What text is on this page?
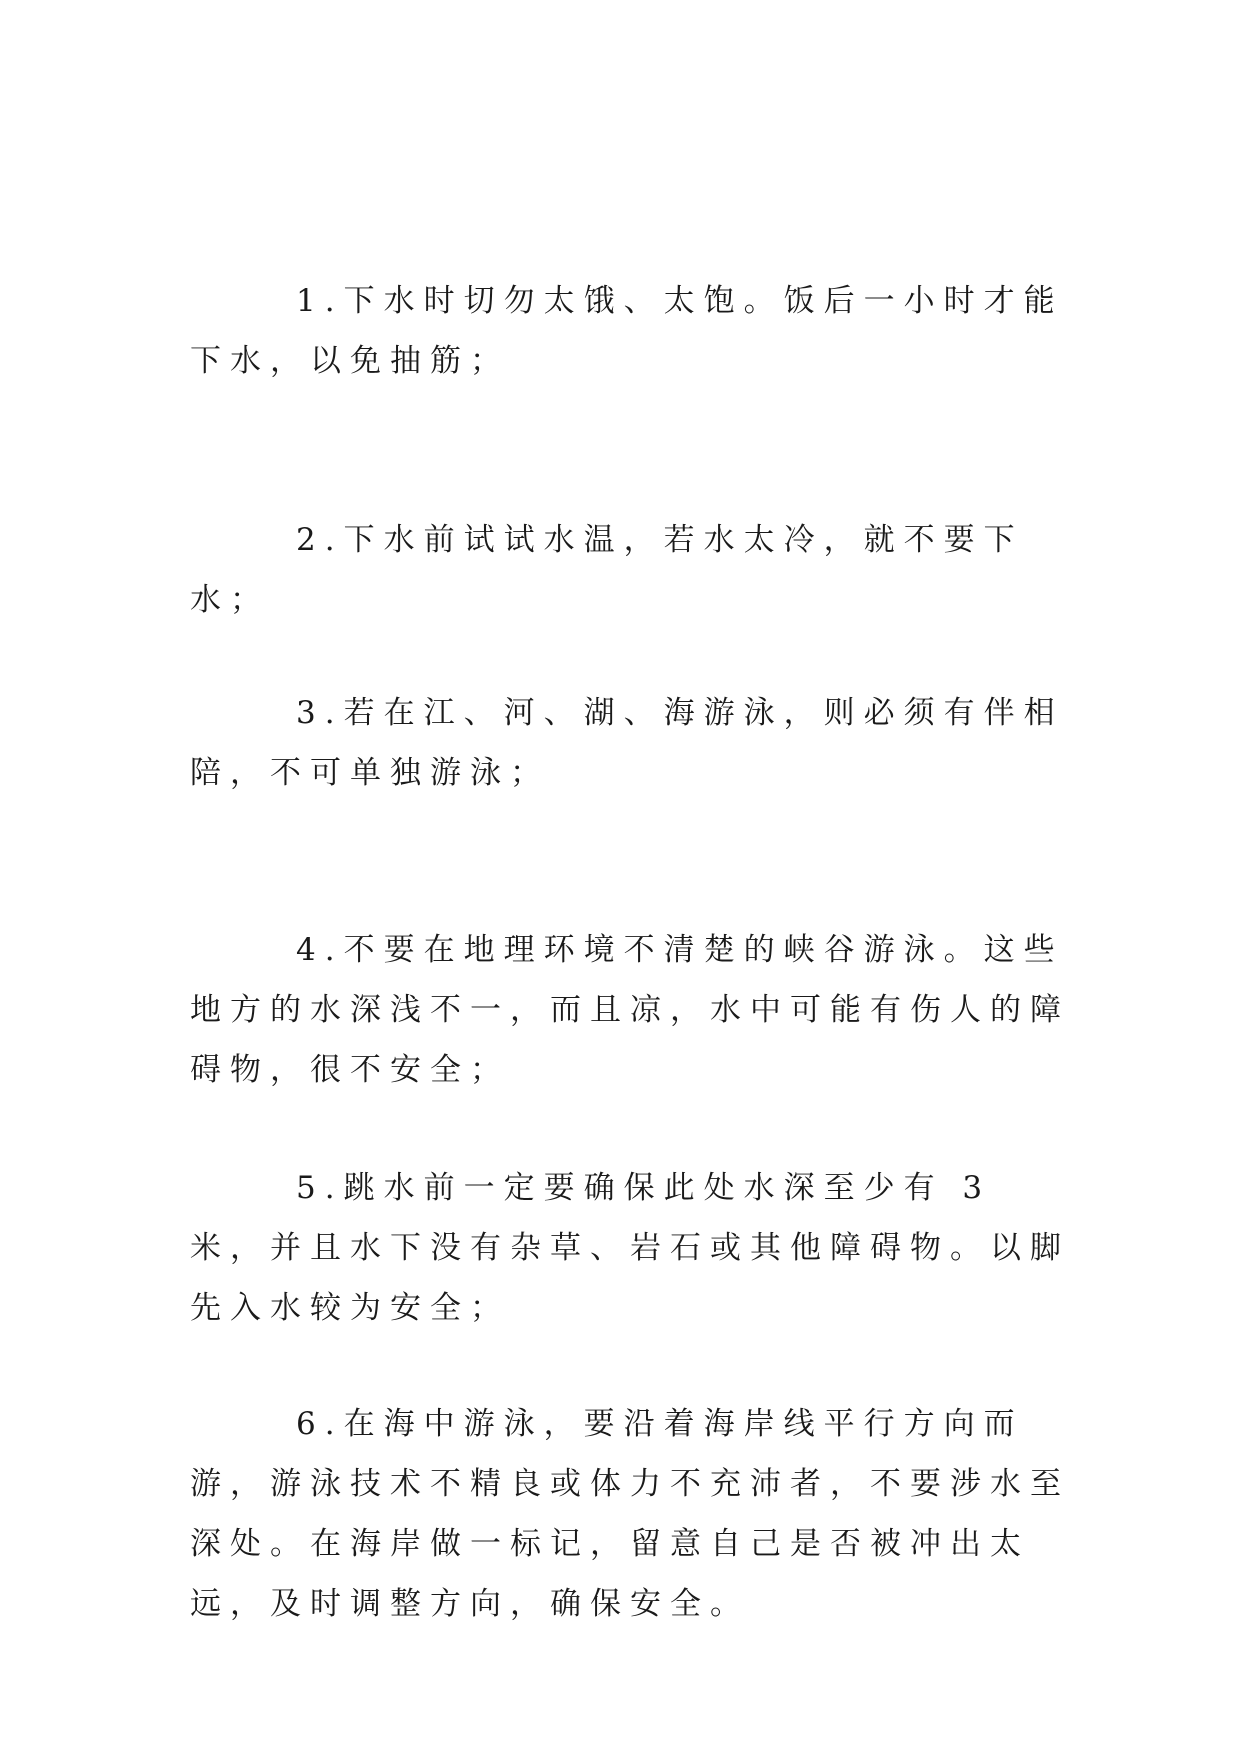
1.下水时切勿太饿、太饱。饭后一小时才能下水，以免抽筋；

2.下水前试试水温，若水太冷，就不要下水；

3.若在江、河、湖、海游泳，则必须有伴相陪，不可单独游泳；

4.不要在地理环境不清楚的峡谷游泳。这些地方的水深浅不一，而且凉，水中可能有伤人的障碍物，很不安全；

5.跳水前一定要确保此处水深至少有 3 米，并且水下没有杂草、岩石或其他障碍物。以脚先入水较为安全；

6.在海中游泳，要沿着海岸线平行方向而游，游泳技术不精良或体力不充沛者，不要涉水至深处。在海岸做一标记，留意自己是否被冲出太远，及时调整方向，确保安全。
